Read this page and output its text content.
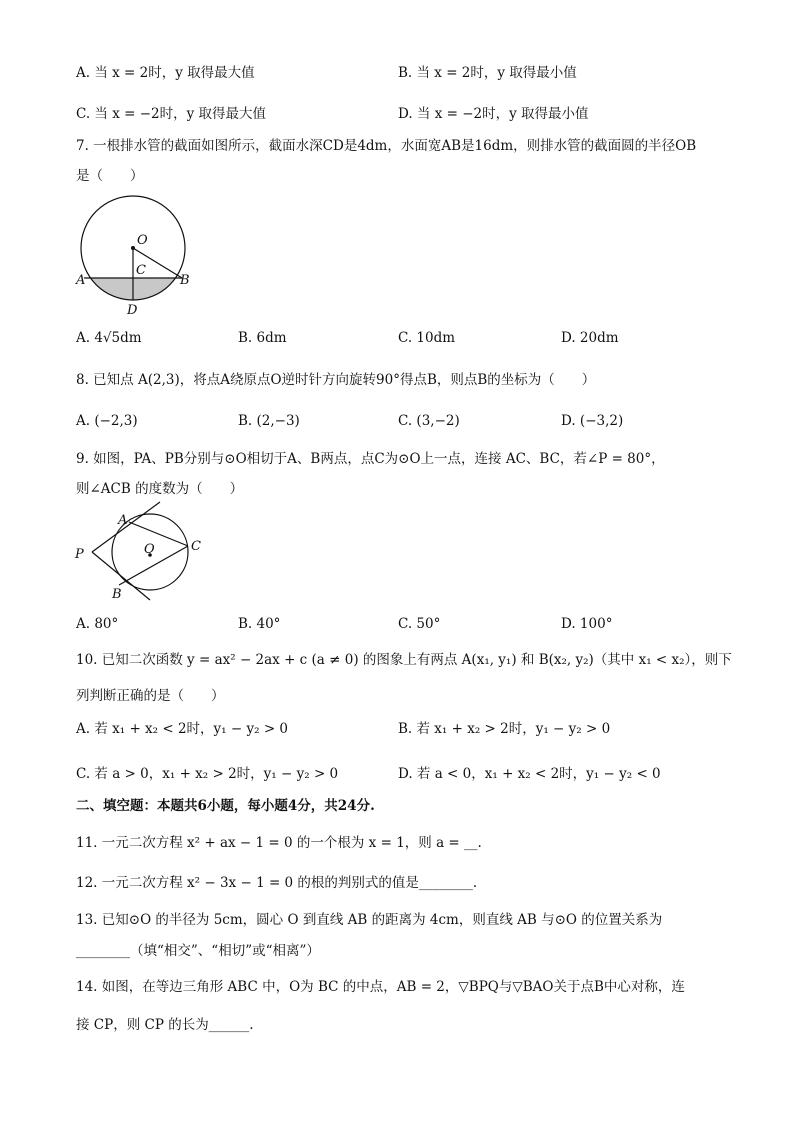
A. 当 x = 2时，y 取得最大值	B. 当 x = 2时，y 取得最小值
C. 当 x = −2时，y 取得最大值	D. 当 x = −2时，y 取得最小值
7. 一根排水管的截面如图所示，截面水深CD是4dm，水面宽AB是16dm，则排水管的截面圆的半径OB
是（　　）
O
C
A	B
D
A. 4√5dm	B. 6dm	C. 10dm	D. 20dm
8. 已知点 A(2,3)，将点A绕原点O逆时针方向旋转90°得点B，则点B的坐标为（　　）
A. (−2,3)	B. (2,−3)	C. (3,−2)	D. (−3,2)
9. 如图，PA、PB分别与⊙O相切于A、B两点，点C为⊙O上一点，连接 AC、BC，若∠P = 80°，
则∠ACB 的度数为（　　）
A
P	O	C
B
A. 80°	B. 40°	C. 50°	D. 100°
10. 已知二次函数 y = ax² − 2ax + c (a ≠ 0) 的图象上有两点 A(x₁, y₁) 和 B(x₂, y₂)（其中 x₁ < x₂），则下
列判断正确的是（　　）
A. 若 x₁ + x₂ < 2时，y₁ − y₂ > 0	B. 若 x₁ + x₂ > 2时，y₁ − y₂ > 0
C. 若 a > 0，x₁ + x₂ > 2时，y₁ − y₂ > 0	D. 若 a < 0，x₁ + x₂ < 2时，y₁ − y₂ < 0
二、填空题：本题共6小题，每小题4分，共24分.
11. 一元二次方程 x² + ax − 1 = 0 的一个根为 x = 1，则 a = __.
12. 一元二次方程 x² − 3x − 1 = 0 的根的判别式的值是________.
13. 已知⊙O 的半径为 5cm，圆心 O 到直线 AB 的距离为 4cm，则直线 AB 与⊙O 的位置关系为
________（填“相交”、“相切”或“相离”）
14. 如图，在等边三角形 ABC 中，O为 BC 的中点，AB = 2，▽BPQ与▽BAO关于点B中心对称，连
接 CP，则 CP 的长为______.
